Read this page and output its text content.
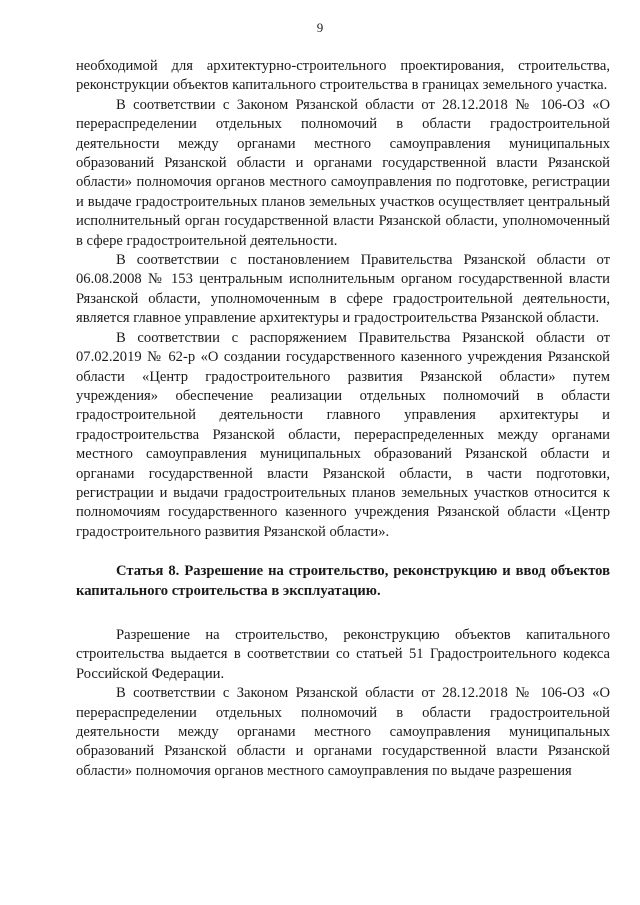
9

необходимой для архитектурно-строительного проектирования, строительства, реконструкции объектов капитального строительства в границах земельного участка.

В соответствии с Законом Рязанской области от 28.12.2018 № 106-ОЗ «О перераспределении отдельных полномочий в области градостроительной деятельности между органами местного самоуправления муниципальных образований Рязанской области и органами государственной власти Рязанской области» полномочия органов местного самоуправления по подготовке, регистрации и выдаче градостроительных планов земельных участков осуществляет центральный исполнительный орган государственной власти Рязанской области, уполномоченный в сфере градостроительной деятельности.

В соответствии с постановлением Правительства Рязанской области от 06.08.2008 № 153 центральным исполнительным органом государственной власти Рязанской области, уполномоченным в сфере градостроительной деятельности, является главное управление архитектуры и градостроительства Рязанской области.

В соответствии с распоряжением Правительства Рязанской области от 07.02.2019 № 62-р «О создании государственного казенного учреждения Рязанской области «Центр градостроительного развития Рязанской области» путем учреждения» обеспечение реализации отдельных полномочий в области градостроительной деятельности главного управления архитектуры и градостроительства Рязанской области, перераспределенных между органами местного самоуправления муниципальных образований Рязанской области и органами государственной власти Рязанской области, в части подготовки, регистрации и выдачи градостроительных планов земельных участков относится к полномочиям государственного казенного учреждения Рязанской области «Центр градостроительного развития Рязанской области».

Статья 8. Разрешение на строительство, реконструкцию и ввод объектов капитального строительства в эксплуатацию.

Разрешение на строительство, реконструкцию объектов капитального строительства выдается в соответствии со статьей 51 Градостроительного кодекса Российской Федерации.

В соответствии с Законом Рязанской области от 28.12.2018 № 106-ОЗ «О перераспределении отдельных полномочий в области градостроительной деятельности между органами местного самоуправления муниципальных образований Рязанской области и органами государственной власти Рязанской области» полномочия органов местного самоуправления по выдаче разрешения
